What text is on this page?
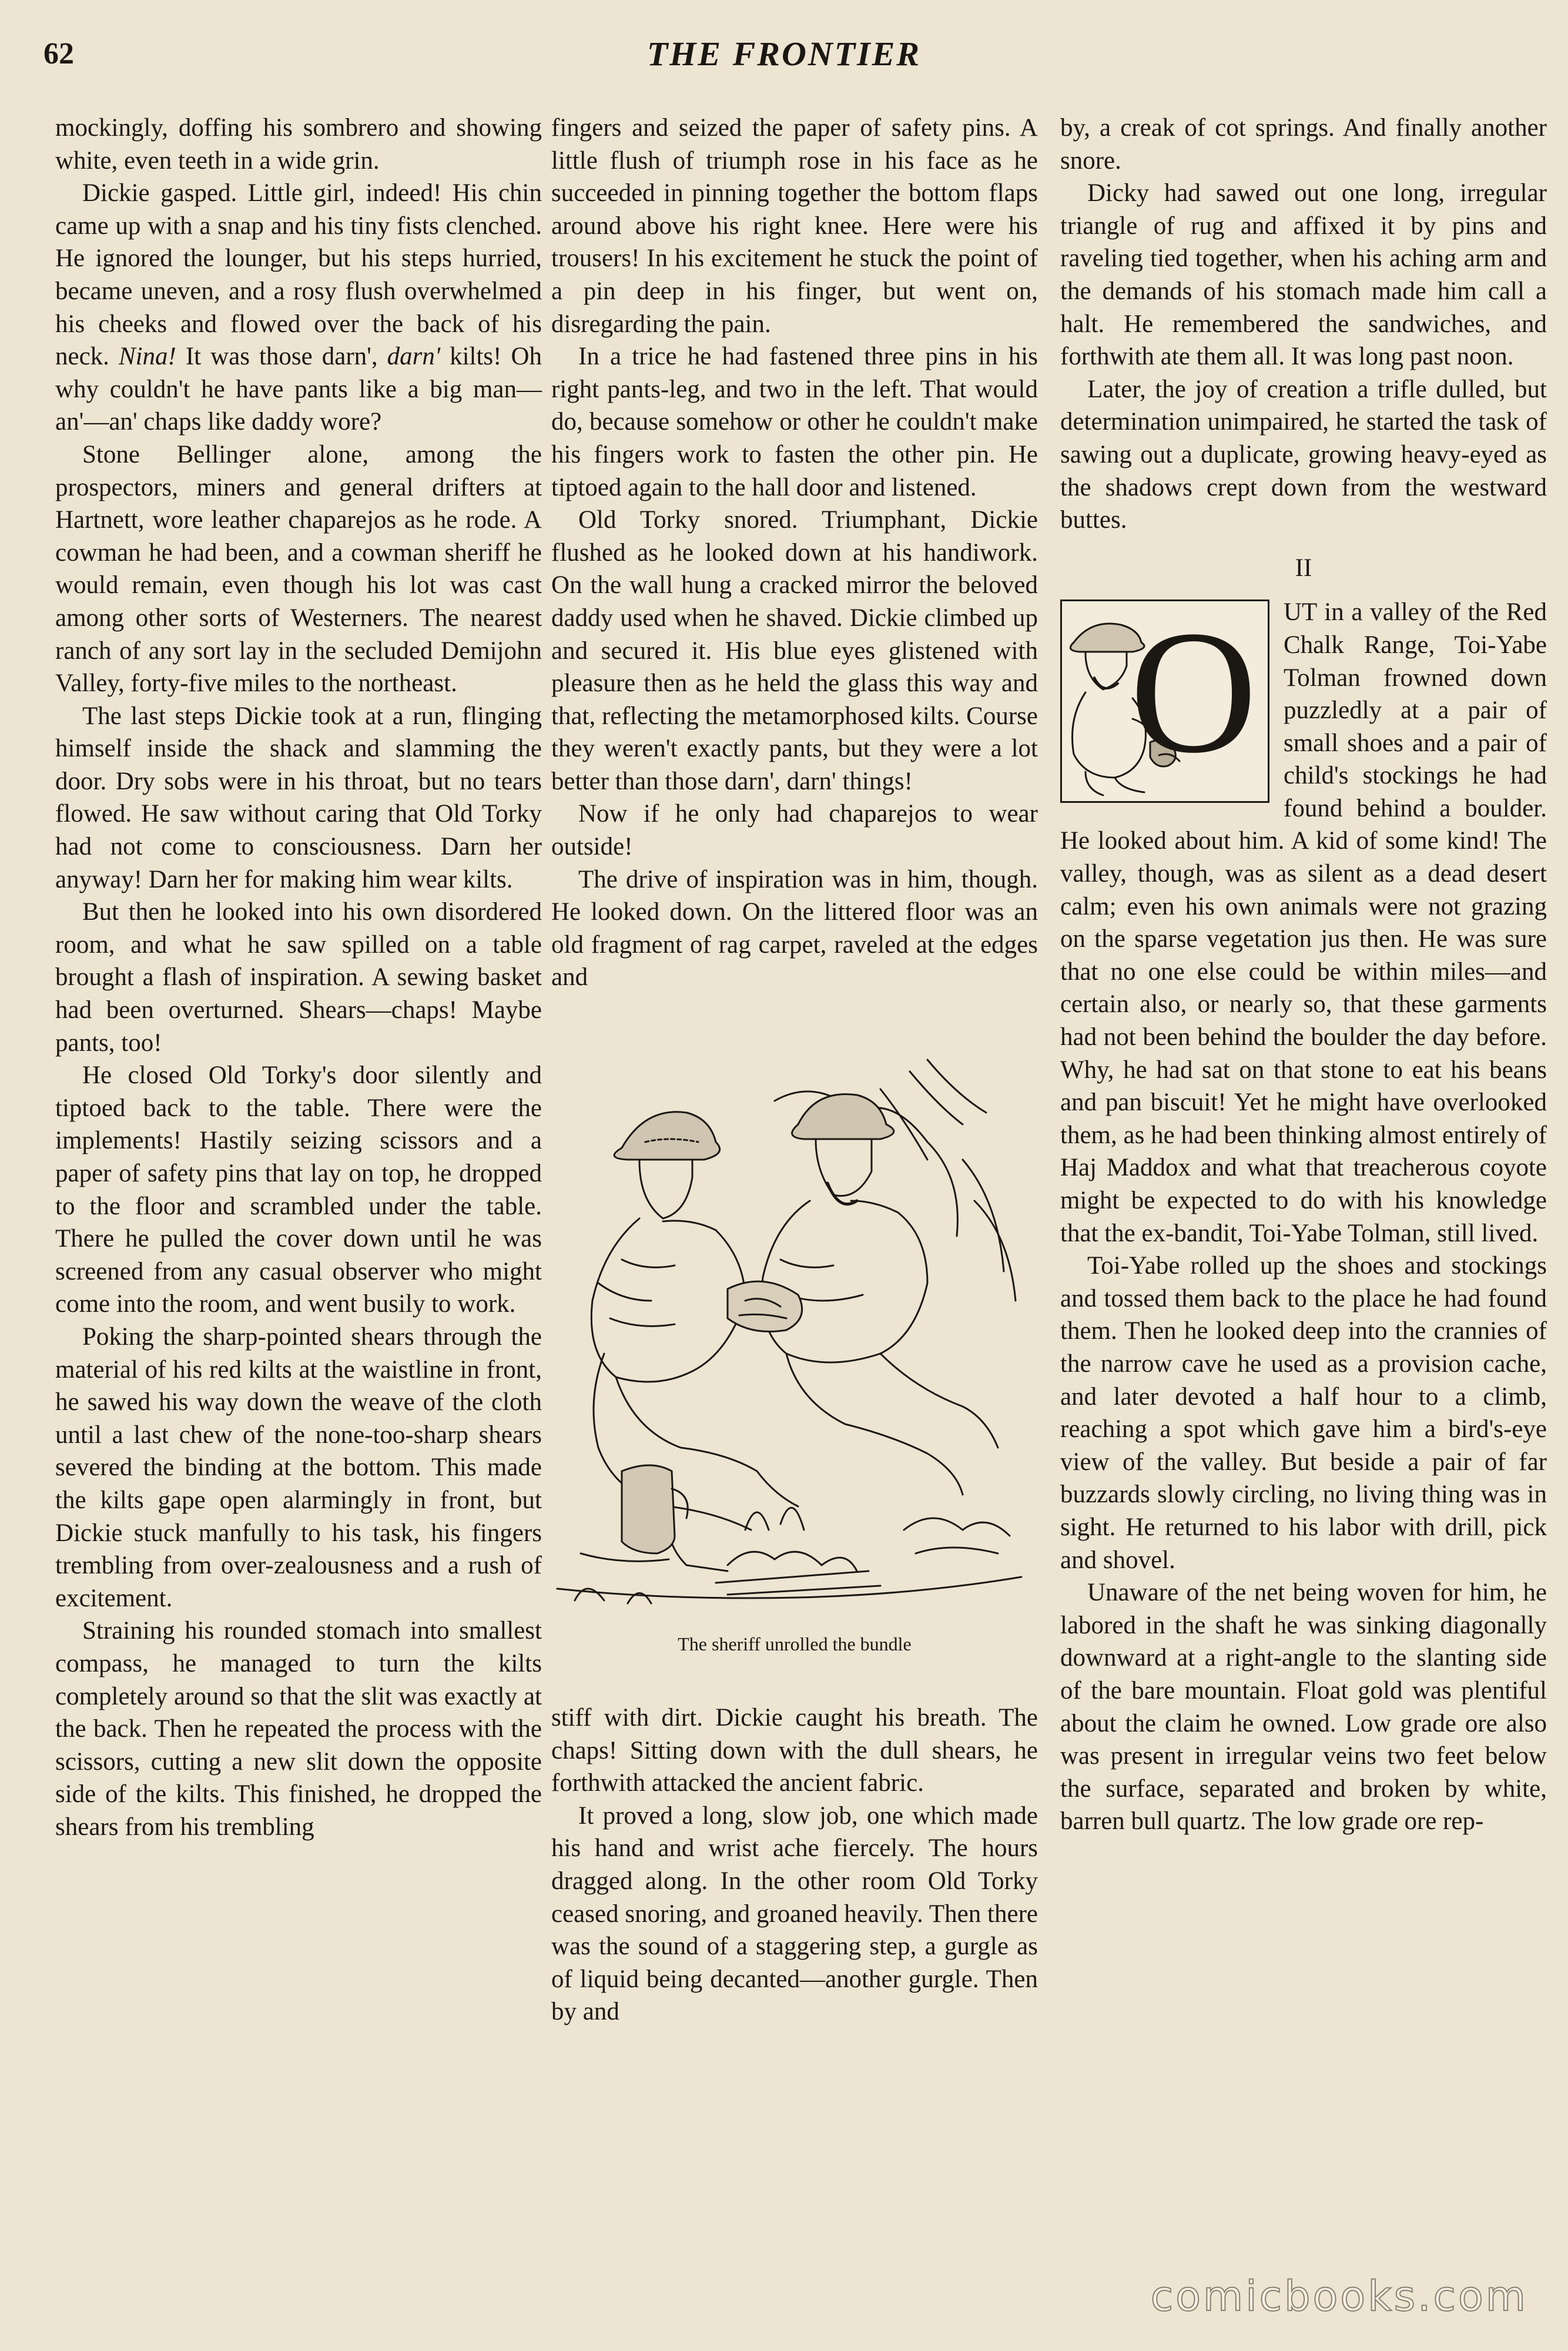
62	THE FRONTIER

mockingly, doffing his sombrero and showing white, even teeth in a wide grin.

Dickie gasped. Little girl, indeed! His chin came up with a snap and his tiny fists clenched. He ignored the lounger, but his steps hurried, became uneven, and a rosy flush overwhelmed his cheeks and flowed over the back of his neck. Nina! It was those darn', darn' kilts! Oh why couldn't he have pants like a big man—an'—an' chaps like daddy wore?

Stone Bellinger alone, among the prospectors, miners and general drifters at Hartnett, wore leather chaparejos as he rode. A cowman he had been, and a cowman sheriff he would remain, even though his lot was cast among other sorts of Westerners. The nearest ranch of any sort lay in the secluded Demijohn Valley, forty-five miles to the northeast.

The last steps Dickie took at a run, flinging himself inside the shack and slamming the door. Dry sobs were in his throat, but no tears flowed. He saw without caring that Old Torky had not come to consciousness. Darn her anyway! Darn her for making him wear kilts.

But then he looked into his own disordered room, and what he saw spilled on a table brought a flash of inspiration. A sewing basket had been overturned. Shears—chaps! Maybe pants, too!

He closed Old Torky's door silently and tiptoed back to the table. There were the implements! Hastily seizing scissors and a paper of safety pins that lay on top, he dropped to the floor and scrambled under the table. There he pulled the cover down until he was screened from any casual observer who might come into the room, and went busily to work.

Poking the sharp-pointed shears through the material of his red kilts at the waistline in front, he sawed his way down the weave of the cloth until a last chew of the none-too-sharp shears severed the binding at the bottom. This made the kilts gape open alarmingly in front, but Dickie stuck manfully to his task, his fingers trembling from over-zealousness and a rush of excitement.

Straining his rounded stomach into smallest compass, he managed to turn the kilts completely around so that the slit was exactly at the back. Then he repeated the process with the scissors, cutting a new slit down the opposite side of the kilts. This finished, he dropped the shears from his trembling

fingers and seized the paper of safety pins. A little flush of triumph rose in his face as he succeeded in pinning together the bottom flaps around above his right knee. Here were his trousers! In his excitement he stuck the point of a pin deep in his finger, but went on, disregarding the pain.

In a trice he had fastened three pins in his right pants-leg, and two in the left. That would do, because somehow or other he couldn't make his fingers work to fasten the other pin. He tiptoed again to the hall door and listened.

Old Torky snored. Triumphant, Dickie flushed as he looked down at his handiwork. On the wall hung a cracked mirror the beloved daddy used when he shaved. Dickie climbed up and secured it. His blue eyes glistened with pleasure then as he held the glass this way and that, reflecting the metamorphosed kilts. Course they weren't exactly pants, but they were a lot better than those darn', darn' things!

Now if he only had chaparejos to wear outside!

The drive of inspiration was in him, though. He looked down. On the littered floor was an old fragment of rag carpet, raveled at the edges and

The sheriff unrolled the bundle

stiff with dirt. Dickie caught his breath. The chaps! Sitting down with the dull shears, he forthwith attacked the ancient fabric.

It proved a long, slow job, one which made his hand and wrist ache fiercely. The hours dragged along. In the other room Old Torky ceased snoring, and groaned heavily. Then there was the sound of a staggering step, a gurgle as of liquid being decanted—another gurgle. Then by and

by, a creak of cot springs. And finally another snore.

Dicky had sawed out one long, irregular triangle of rug and affixed it by pins and raveling tied together, when his aching arm and the demands of his stomach made him call a halt. He remembered the sandwiches, and forthwith ate them all. It was long past noon.

Later, the joy of creation a trifle dulled, but determination unimpaired, he started the task of sawing out a duplicate, growing heavy-eyed as the shadows crept down from the westward buttes.

II
O	UT in a valley of the Red Chalk Range, Toi-Yabe Tolman frowned down puzzledly at a pair of small shoes and a pair of child's stockings he had found behind a boulder. He looked about him. A kid of some kind! The valley, though, was as silent as a dead desert calm; even his own animals were not grazing on the sparse vegetation jus then. He was sure that no one else could be within miles—and certain also, or nearly so, that these garments had not been behind the boulder the day before. Why, he had sat on that stone to eat his beans and pan biscuit! Yet he might have overlooked them, as he had been thinking almost entirely of Haj Maddox and what that treacherous coyote might be expected to do with his knowledge that the ex-bandit, Toi-Yabe Tolman, still lived.

Toi-Yabe rolled up the shoes and stockings and tossed them back to the place he had found them. Then he looked deep into the crannies of the narrow cave he used as a provision cache, and later devoted a half hour to a climb, reaching a spot which gave him a bird's-eye view of the valley. But beside a pair of far buzzards slowly circling, no living thing was in sight. He returned to his labor with drill, pick and shovel.

Unaware of the net being woven for him, he labored in the shaft he was sinking diagonally downward at a right-angle to the slanting side of the bare mountain. Float gold was plentiful about the claim he owned. Low grade ore also was present in irregular veins two feet below the surface, separated and broken by white, barren bull quartz. The low grade ore rep-

comicbooks.com
